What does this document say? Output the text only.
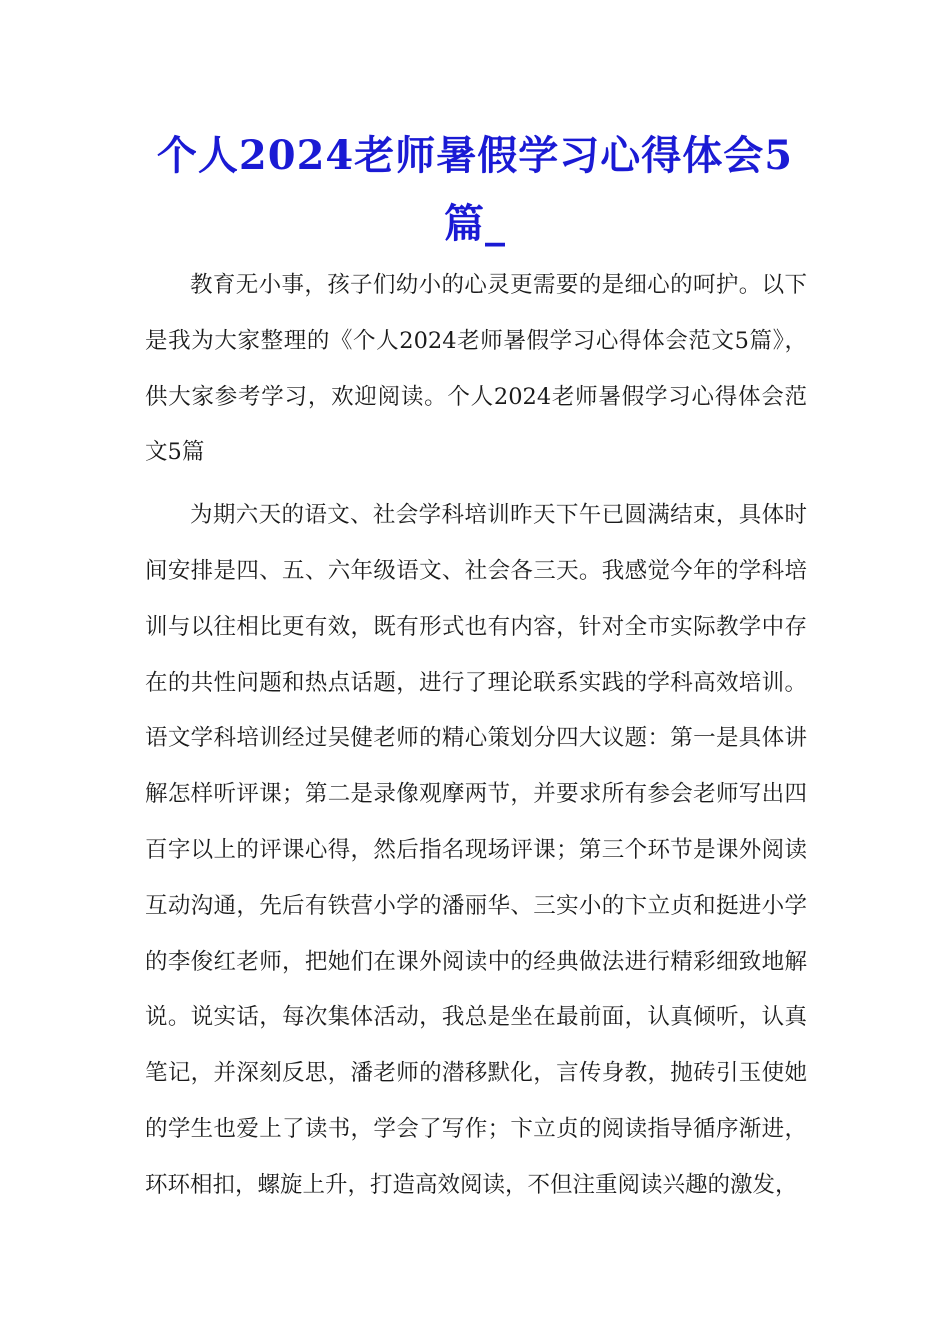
个人2024老师暑假学习心得体会5篇_

教育无小事，孩子们幼小的心灵更需要的是细心的呵护。以下是我为大家整理的《个人2024老师暑假学习心得体会范文5篇》，供大家参考学习，欢迎阅读。个人2024老师暑假学习心得体会范文5篇

为期六天的语文、社会学科培训昨天下午已圆满结束，具体时间安排是四、五、六年级语文、社会各三天。我感觉今年的学科培训与以往相比更有效，既有形式也有内容，针对全市实际教学中存在的共性问题和热点话题，进行了理论联系实践的学科高效培训。语文学科培训经过吴健老师的精心策划分四大议题：第一是具体讲解怎样听评课；第二是录像观摩两节，并要求所有参会老师写出四百字以上的评课心得，然后指名现场评课；第三个环节是课外阅读互动沟通，先后有铁营小学的潘丽华、三实小的卞立贞和挺进小学的李俊红老师，把她们在课外阅读中的经典做法进行精彩细致地解说。说实话，每次集体活动，我总是坐在最前面，认真倾听，认真笔记，并深刻反思，潘老师的潜移默化，言传身教，抛砖引玉使她的学生也爱上了读书，学会了写作；卞立贞的阅读指导循序渐进，环环相扣，螺旋上升，打造高效阅读，不但注重阅读兴趣的激发，
